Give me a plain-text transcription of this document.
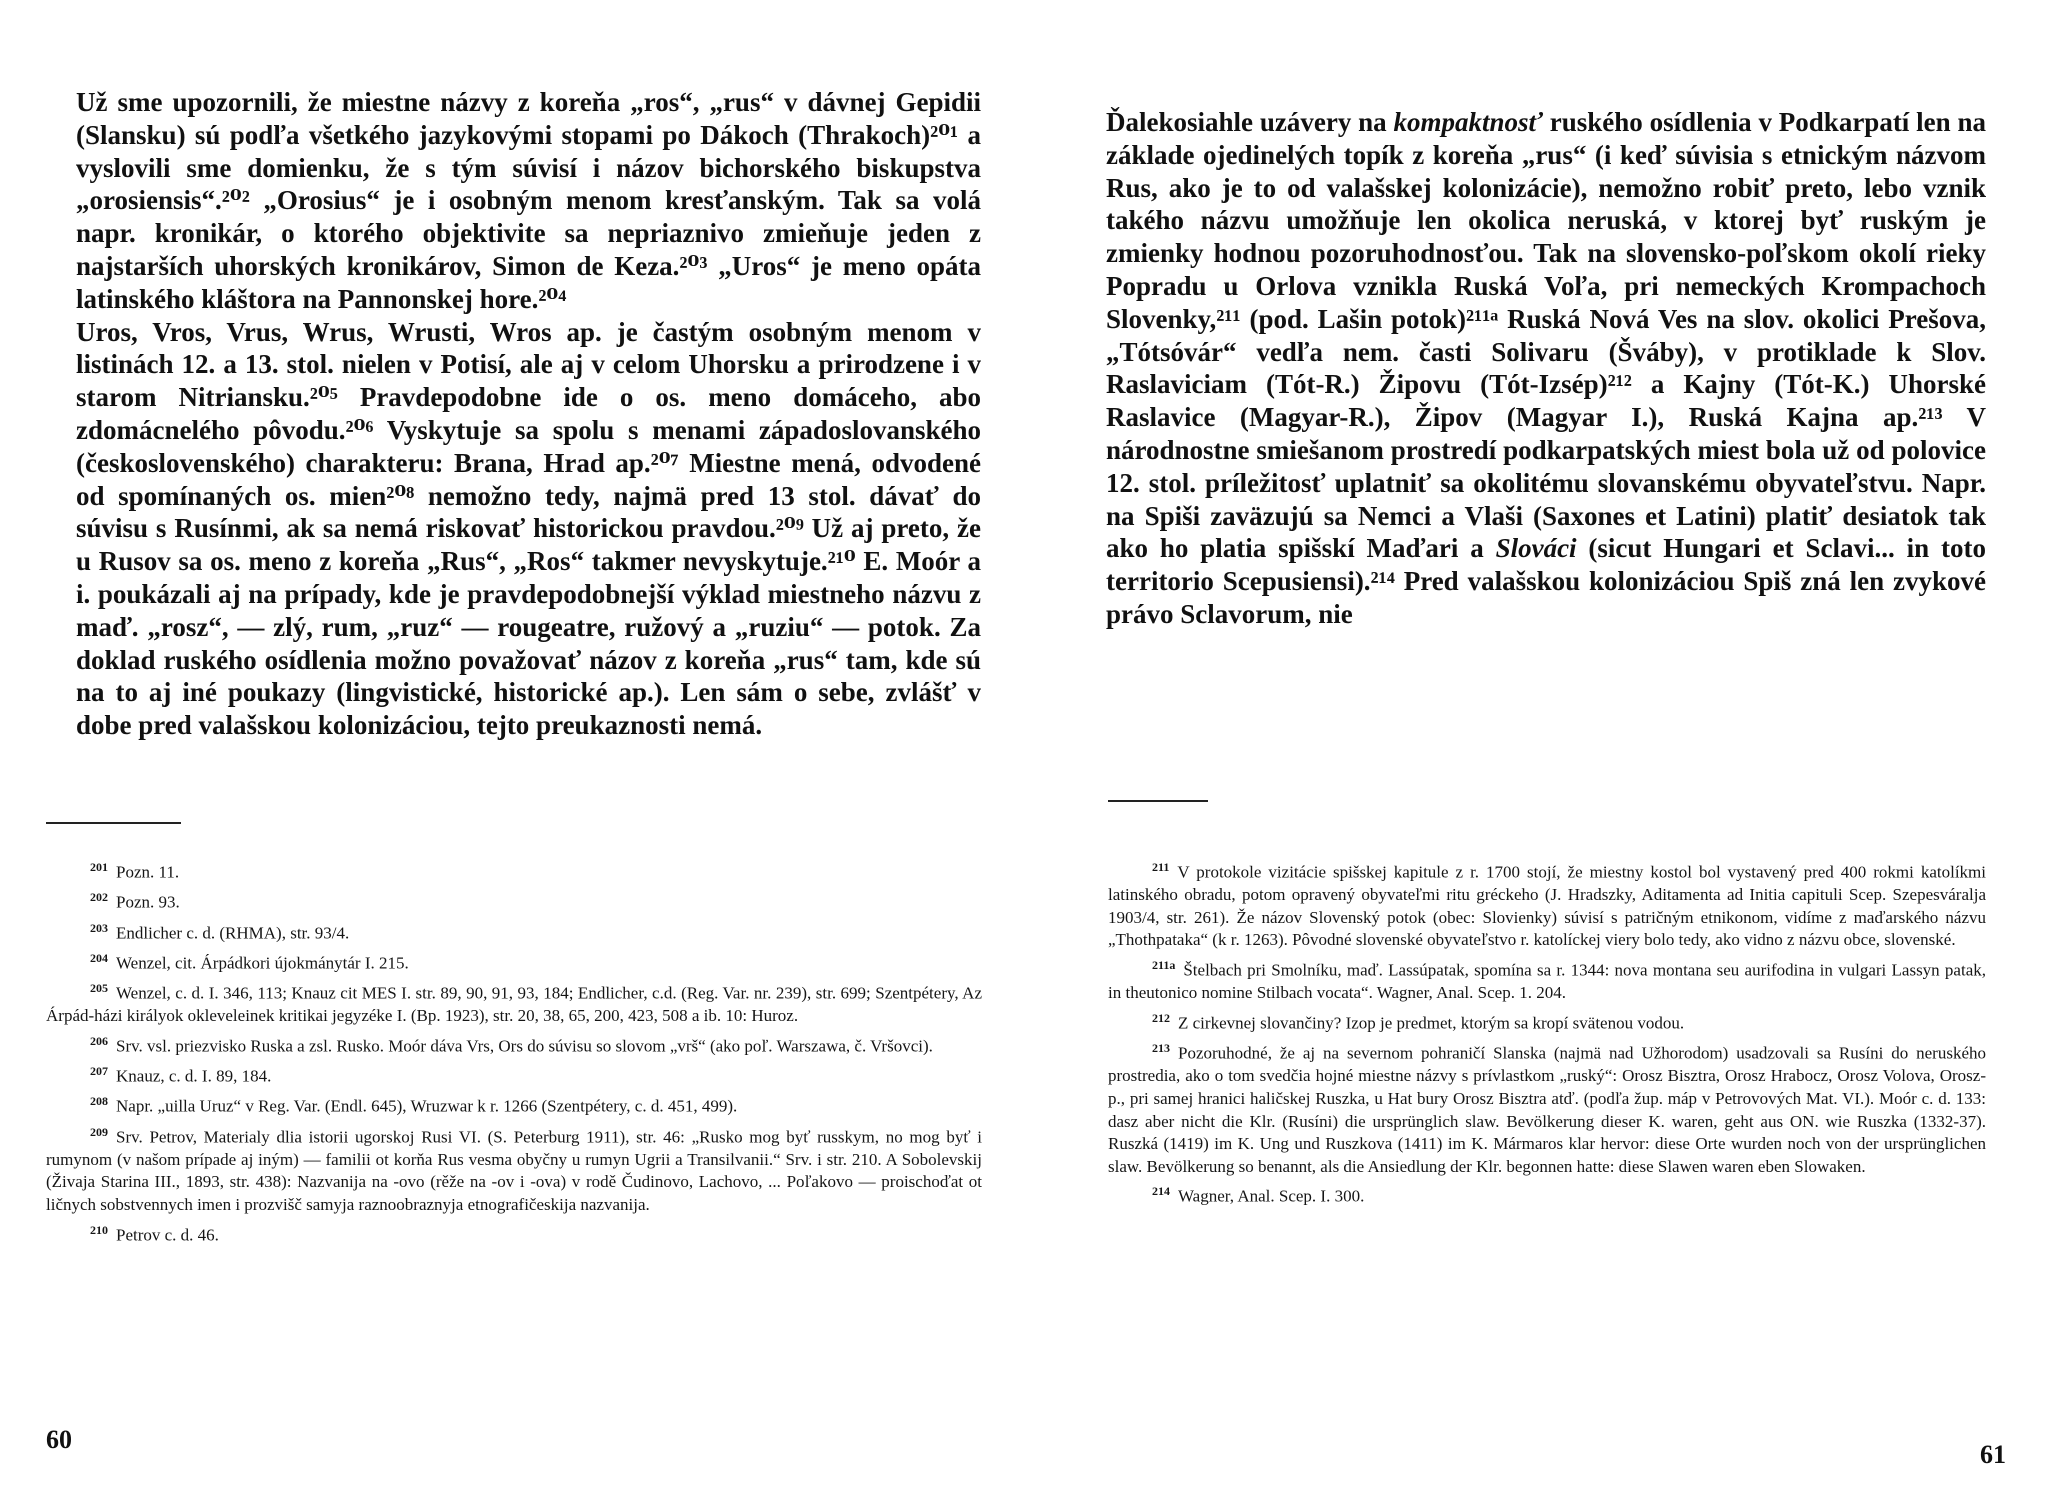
Už sme upozornili, že miestne názvy z koreňa „ros“, „rus“ v dávnej Gepidii (Slansku) sú podľa všetkého jazykovými stopami po Dákoch (Thrakoch)²⁰¹ a vyslovili sme domienku, že s tým súvisí i názov bichorského biskupstva „orosiensis“.²⁰² „Orosius“ je i osobným menom kresťanským. Tak sa volá napr. kronikár, o ktorého objektivite sa nepriaznivo zmieňuje jeden z najstarších uhorských kronikárov, Simon de Keza.²⁰³ „Uros“ je meno opáta latinského kláštora na Pannonskej hore.²⁰⁴

Uros, Vros, Vrus, Wrus, Wrusti, Wros ap. je častým osobným menom v listinách 12. a 13. stol. nielen v Potisí, ale aj v celom Uhorsku a prirodzene i v starom Nitriansku.²⁰⁵ Pravdepodobne ide o os. meno domáceho, abo zdomácnelého pôvodu.²⁰⁶ Vyskytuje sa spolu s menami západoslovanského (československého) charakteru: Brana, Hrad ap.²⁰⁷ Miestne mená, odvodené od spomínaných os. mien²⁰⁸ nemožno tedy, najmä pred 13 stol. dávať do súvisu s Rusínmi, ak sa nemá riskovať historickou pravdou.²⁰⁹ Už aj preto, že u Rusov sa os. meno z koreňa „Rus“, „Ros“ takmer nevyskytuje.²¹⁰ E. Moór a i. poukázali aj na prípady, kde je pravdepodobnejší výklad miestneho názvu z maď. „rosz“, — zlý, rum, „ruz“ — rougeatre, ružový a „ruziu“ — potok. Za doklad ruského osídlenia možno považovať názov z koreňa „rus“ tam, kde sú na to aj iné poukazy (lingvistické, historické ap.). Len sám o sebe, zvlášť v dobe pred valašskou kolonizáciou, tejto preukaznosti nemá.

$^{201}$ Pozn. 11.

$^{202}$ Pozn. 93.

$^{203}$ Endlicher c. d. (RHMA), str. 93/4.

$^{204}$ Wenzel, cit. Árpádkori újokmánytár I. 215.

$^{205}$ Wenzel, c. d. I. 346, 113; Knauz cit MES I. str. 89, 90, 91, 93, 184; Endlicher, c.d. (Reg. Var. nr. 239), str. 699; Szentpétery, Az Árpád-házi királyok okleveleinek kritikai jegyzéke I. (Bp. 1923), str. 20, 38, 65, 200, 423, 508 a ib. 10: Huroz.

$^{206}$ Srv. vsl. priezvisko Ruska a zsl. Rusko. Moór dáva Vrs, Ors do súvisu so slovom „vrš“ (ako poľ. Warszawa, č. Vršovci).

$^{207}$ Knauz, c. d. I. 89, 184.

$^{208}$ Napr. „uilla Uruz“ v Reg. Var. (Endl. 645), Wruzwar k r. 1266 (Szentpétery, c. d. 451, 499).

$^{209}$ Srv. Petrov, Materialy dlia istorii ugorskoj Rusi VI. (S. Peterburg 1911), str. 46: „Rusko mog byť russkym, no mog byť i rumynom (v našom prípade aj iným) — familii ot korňa Rus vesma obyčny u rumyn Ugrii a Transilvanii.“ Srv. i str. 210. A Sobolevskij (Živaja Starina III., 1893, str. 438): Nazvanija na -ovo (rěže na -ov i -ova) v rodě Čudinovo, Lachovo, ... Poľakovo — proischoďat ot ličnych sobstvennych imen i prozvišč samyja raznoobraznyja etnografičeskija nazvanija.

$^{210}$ Petrov c. d. 46.

60

Ďalekosiahle uzávery na kompaktnosť ruského osídlenia v Podkarpatí len na základe ojedinelých topík z koreňa „rus“ (i keď súvisia s etnickým názvom Rus, ako je to od valašskej kolonizácie), nemožno robiť preto, lebo vznik takého názvu umožňuje len okolica neruská, v ktorej byť ruským je zmienky hodnou pozoruhodnosťou. Tak na slovensko-poľskom okolí rieky Popradu u Orlova vznikla Ruská Voľa, pri nemeckých Krompachoch Slovenky,²¹¹ (pod. Lašin potok)²¹¹ᵃ Ruská Nová Ves na slov. okolici Prešova, „Tótsóvár“ vedľa nem. časti Solivaru (Šváby), v protiklade k Slov. Raslaviciam (Tót-R.) Žipovu (Tót-Izsép)²¹² a Kajny (Tót-K.) Uhorské Raslavice (Magyar-R.), Žipov (Magyar I.), Ruská Kajna ap.²¹³ V národnostne smiešanom prostredí podkarpatských miest bola už od polovice 12. stol. príležitosť uplatniť sa okolitému slovanskému obyvateľstvu. Napr. na Spiši zaväzujú sa Nemci a Vlaši (Saxones et Latini) platiť desiatok tak ako ho platia spišskí Maďari a Slováci (sicut Hungari et Sclavi... in toto territorio Scepusiensi).²¹⁴ Pred valašskou kolonizáciou Spiš zná len zvykové právo Sclavorum, nie

$^{211}$ V protokole vizitácie spišskej kapitule z r. 1700 stojí, že miestny kostol bol vystavený pred 400 rokmi katolíkmi latinského obradu, potom opravený obyvateľmi ritu gréckeho (J. Hradszky, Aditamenta ad Initia capituli Scep. Szepesváralja 1903/4, str. 261). Že názov Slovenský potok (obec: Slovienky) súvisí s patričným etnikonom, vidíme z maďarského názvu „Thothpataka“ (k r. 1263). Pôvodné slovenské obyvateľstvo r. katolíckej viery bolo tedy, ako vidno z názvu obce, slovenské.

$^{211a}$ Štelbach pri Smolníku, maď. Lassúpatak, spomína sa r. 1344: nova montana seu aurifodina in vulgari Lassyn patak, in theutonico nomine Stilbach vocata“. Wagner, Anal. Scep. 1. 204.

$^{212}$ Z cirkevnej slovančiny? Izop je predmet, ktorým sa kropí svätenou vodou.

$^{213}$ Pozoruhodné, že aj na severnom pohraničí Slanska (najmä nad Užhorodom) usadzovali sa Rusíni do neruského prostredia, ako o tom svedčia hojné miestne názvy s prívlastkom „ruský“: Orosz Bisztra, Orosz Hrabocz, Orosz Volova, Orosz-p., pri samej hranici haličskej Ruszka, u Hat bury Orosz Bisztra atď. (podľa žup. máp v Petrovových Mat. VI.). Moór c. d. 133: dasz aber nicht die Klr. (Rusíni) die ursprünglich slaw. Bevölkerung dieser K. waren, geht aus ON. wie Ruszka (1332-37). Ruszká (1419) im K. Ung und Ruszkova (1411) im K. Mármaros klar hervor: diese Orte wurden noch von der ursprünglichen slaw. Bevölkerung so benannt, als die Ansiedlung der Klr. begonnen hatte: diese Slawen waren eben Slowaken.

$^{214}$ Wagner, Anal. Scep. I. 300.

61
